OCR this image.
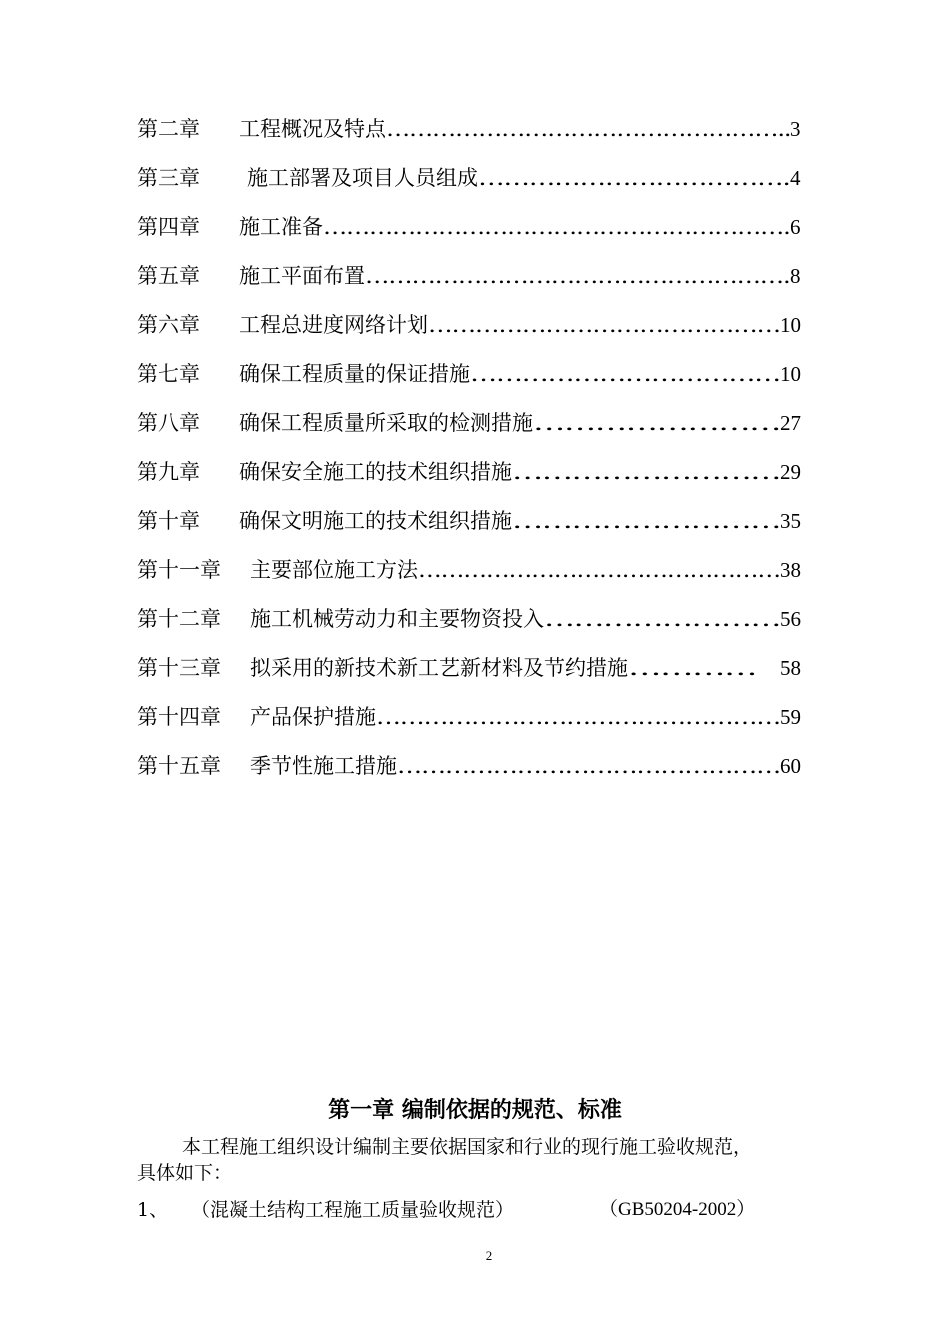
第二章 工程概况及特点 …………………………………………….. 3
第三章 施工部署及项目人员组成 ………………………………. 4
第四章 施工准备 ……………………………………………………. 6
第五章 施工平面布置 ………………………………………………. 8
第六章 工程总进度网络计划 ……………………………………… 10
第七章 确保工程质量的保证措施 ……………………………… 10
第八章 确保工程质量所采取的检测措施 …………………… 27
第九章 确保安全施工的技术组织措施 ……………………… 29
第十章 确保文明施工的技术组织措施 ……………………… 35
第十一章 主要部位施工方法 ………………………………………… 38
第十二章 施工机械劳动力和主要物资投入 …………………… 56
第十三章 拟采用的新技术新工艺新材料及节约措施 ………… 58
第十四章 产品保护措施 …………………………………………… 59
第十五章 季节性施工措施 ………………………………………… 60
第一章 编制依据的规范、标准
本工程施工组织设计编制主要依据国家和行业的现行施工验收规范，
具体如下：
1、 （混凝土结构工程施工质量验收规范）	（GB50204-2002）
2
